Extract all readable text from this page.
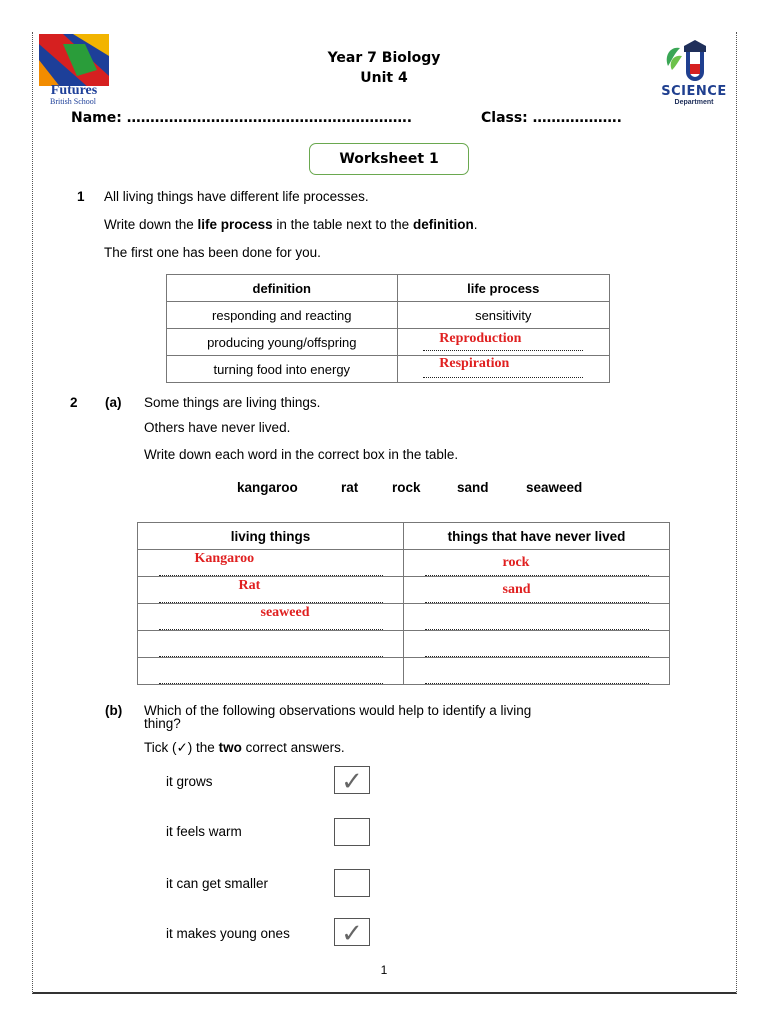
Futures
British School
SCIENCE
Department
Year 7 Biology
Unit 4
Name: …………………………………………………….	Class: ……………….
Worksheet 1
1 All living things have different life processes.
Write down the life process in the table next to the definition.
The first one has been done for you.
definition	life process
responding and reacting	sensitivity
producing young/offspring	Reproduction

turning food into energy	Respiration
2 (a) Some things are living things.
Others have never lived.
Write down each word in the correct box in the table.
kangaroo	rat rock	sand	seaweed
living things	things that have never lived

Kangaroo	rock

Rat	sand

seaweed	

(b) Which of the following observations would help to identify a living
thing?
Tick (✓) the two correct answers.
it grows	✓
it feels warm
it can get smaller
it makes young ones ✓
1
